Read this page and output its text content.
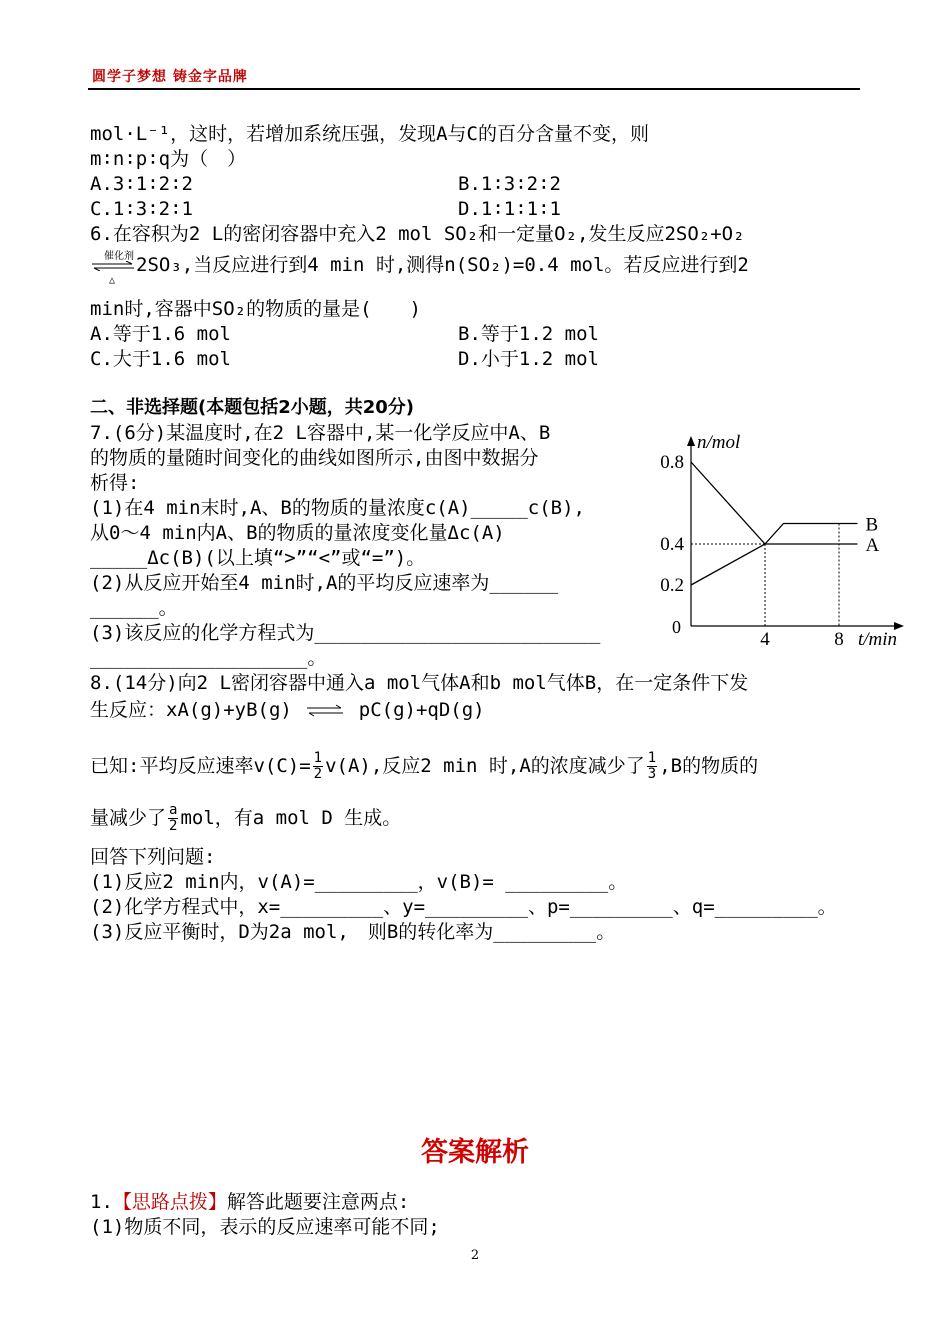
圆学子梦想 铸金字品牌
mol·L⁻¹，这时，若增加系统压强，发现A与C的百分含量不变，则
m∶n∶p∶q为（　）
A.3∶1∶2∶2	B.1∶3∶2∶2
C.1∶3∶2∶1	D.1∶1∶1∶1
6.在容积为2 L的密闭容器中充入2 mol SO₂和一定量O₂,发生反应2SO₂+O₂
催化剂
△
2SO₃,当反应进行到4 min 时,测得n(SO₂)=0.4 mol。若反应进行到2
min时,容器中SO₂的物质的量是(　　)
A.等于1.6 mol	B.等于1.2 mol
C.大于1.6 mol	D.小于1.2 mol
二、非选择题(本题包括2小题，共20分)
7.(6分)某温度时,在2 L容器中,某一化学反应中A、B
的物质的量随时间变化的曲线如图所示,由图中数据分
析得:
(1)在4 min末时,A、B的物质的量浓度c(A)_____c(B),
从0～4 min内A、B的物质的量浓度变化量Δc(A)
_____Δc(B)(以上填“>”“<”或“=”)。
(2)从反应开始至4 min时,A的平均反应速率为______
______。
(3)该反应的化学方程式为_________________________
___________________。
n/mol
t/min
0
0.8
0.4
0.2
4	8
A
B
8.(14分)向2 L密闭容器中通入a mol气体A和b mol气体B，在一定条件下发
生反应：xA(g)+yB(g) ⇌ pC(g)+qD(g)
已知:平均反应速率$v(C)= \frac{1}{2} v(A)$,反应2 min 时,A的浓度减少了 $\frac{1}{3} ,B$的物质的
量减少了 $\frac{a}{2}$ mol，有a mol D 生成。
回答下列问题:
(1)反应2 min内，v(A)=_________，v(B)= _________。
(2)化学方程式中，x=_________、y=_________、p=_________、q=_________。
(3)反应平衡时，D为2a mol,　则B的转化率为_________。
答案解析
1.【思路点拨】解答此题要注意两点:
(1)物质不同，表示的反应速率可能不同;
2
